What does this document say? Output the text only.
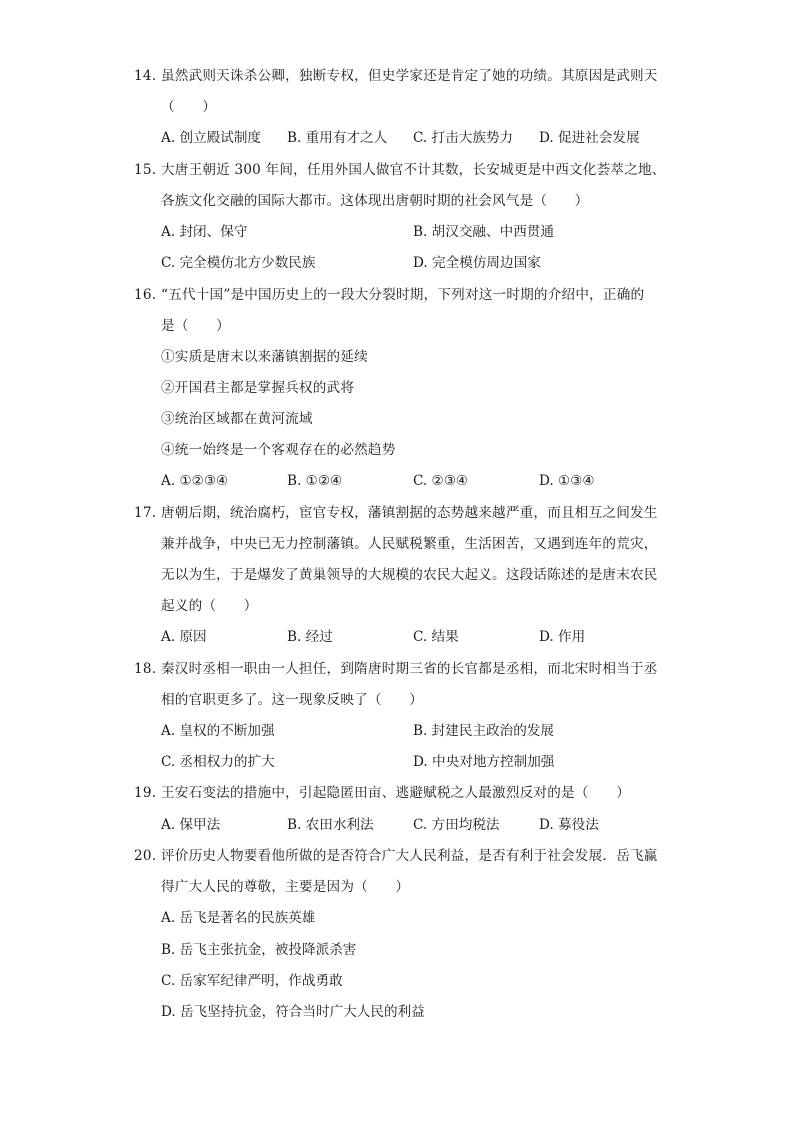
14. 虽然武则天诛杀公卿，独断专权，但史学家还是肯定了她的功绩。其原因是武则天
（　　）
A. 创立殿试制度 B. 重用有才之人 C. 打击大族势力 D. 促进社会发展
15. 大唐王朝近 300 年间，任用外国人做官不计其数，长安城更是中西文化荟萃之地、
各族文化交融的国际大都市。这体现出唐朝时期的社会风气是（　　）
A. 封闭、保守	B. 胡汉交融、中西贯通
C. 完全模仿北方少数民族	D. 完全模仿周边国家
16. “五代十国”是中国历史上的一段大分裂时期，下列对这一时期的介绍中，正确的
是（　　）
①实质是唐末以来藩镇割据的延续
②开国君主都是掌握兵权的武将
③统治区域都在黄河流域
④统一始终是一个客观存在的必然趋势
A. ①②③④	B. ①②④	C. ②③④	D. ①③④
17. 唐朝后期，统治腐朽，宦官专权，藩镇割据的态势越来越严重，而且相互之间发生
兼并战争，中央已无力控制藩镇。人民赋税繁重，生活困苦，又遇到连年的荒灾，
无以为生，于是爆发了黄巢领导的大规模的农民大起义。这段话陈述的是唐末农民
起义的（　　）
A. 原因	B. 经过	C. 结果	D. 作用
18. 秦汉时丞相一职由一人担任，到隋唐时期三省的长官都是丞相，而北宋时相当于丞
相的官职更多了。这一现象反映了（　　）
A. 皇权的不断加强	B. 封建民主政治的发展
C. 丞相权力的扩大	D. 中央对地方控制加强
19. 王安石变法的措施中，引起隐匿田亩、逃避赋税之人最激烈反对的是（　　）
A. 保甲法	B. 农田水利法	C. 方田均税法	D. 募役法
20. 评价历史人物要看他所做的是否符合广大人民利益，是否有利于社会发展．岳飞赢
得广大人民的尊敬，主要是因为（　　）
A. 岳飞是著名的民族英雄
B. 岳飞主张抗金，被投降派杀害
C. 岳家军纪律严明，作战勇敢
D. 岳飞坚持抗金，符合当时广大人民的利益
